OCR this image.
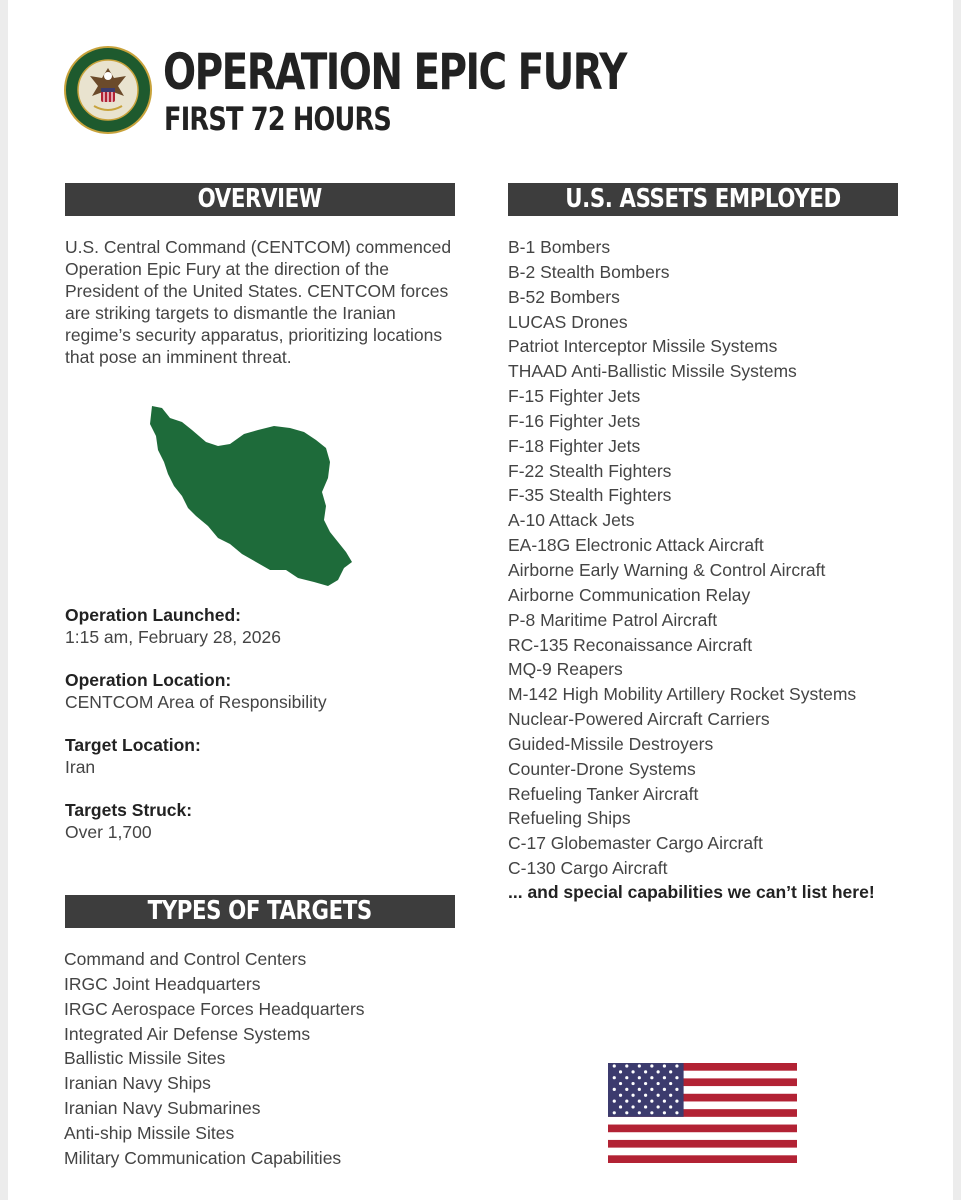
OPERATION EPIC FURY
FIRST 72 HOURS
OVERVIEW
U.S. Central Command (CENTCOM) commenced Operation Epic Fury at the direction of the President of the United States. CENTCOM forces are striking targets to dismantle the Iranian regime’s security apparatus, prioritizing locations that pose an imminent threat.
Operation Launched:
1:15 am, February 28, 2026
Operation Location:
CENTCOM Area of Responsibility
Target Location:
Iran
Targets Struck:
Over 1,700
TYPES OF TARGETS
Command and Control Centers
IRGC Joint Headquarters
IRGC Aerospace Forces Headquarters
Integrated Air Defense Systems
Ballistic Missile Sites
Iranian Navy Ships
Iranian Navy Submarines
Anti-ship Missile Sites
Military Communication Capabilities
U.S. ASSETS EMPLOYED
B-1 Bombers
B-2 Stealth Bombers
B-52 Bombers
LUCAS Drones
Patriot Interceptor Missile Systems
THAAD Anti-Ballistic Missile Systems
F-15 Fighter Jets
F-16 Fighter Jets
F-18 Fighter Jets
F-22 Stealth Fighters
F-35 Stealth Fighters
A-10 Attack Jets
EA-18G Electronic Attack Aircraft
Airborne Early Warning & Control Aircraft
Airborne Communication Relay
P-8 Maritime Patrol Aircraft
RC-135 Reconaissance Aircraft
MQ-9 Reapers
M-142 High Mobility Artillery Rocket Systems
Nuclear-Powered Aircraft Carriers
Guided-Missile Destroyers
Counter-Drone Systems
Refueling Tanker Aircraft
Refueling Ships
C-17 Globemaster Cargo Aircraft
C-130 Cargo Aircraft
... and special capabilities we can’t list here!
